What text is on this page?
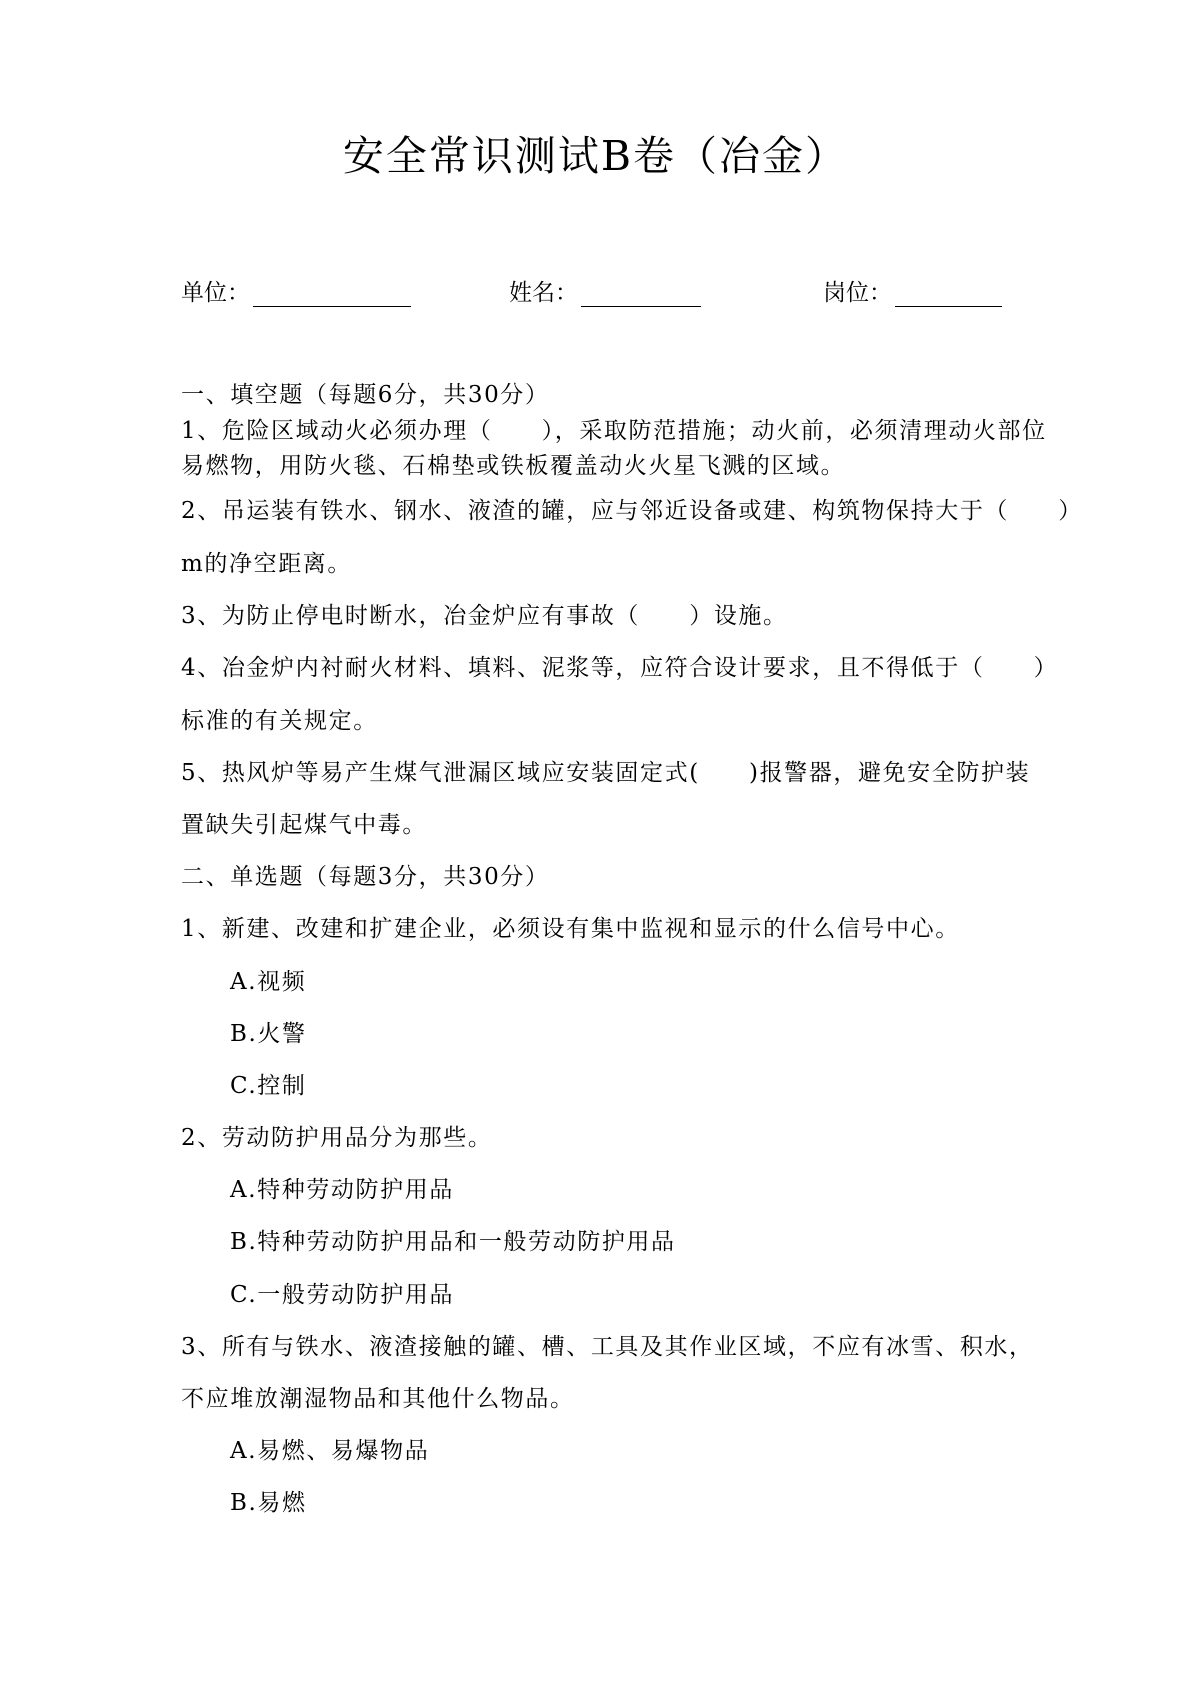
安全常识测试B卷（冶金）
单位：	姓名：	岗位：
一、填空题（每题6分，共30分）
1、危险区域动火必须办理（　　），采取防范措施；动火前，必须清理动火部位
易燃物，用防火毯、石棉垫或铁板覆盖动火火星飞溅的区域。
2、吊运装有铁水、钢水、液渣的罐，应与邻近设备或建、构筑物保持大于（　　）
m的净空距离。
3、为防止停电时断水，冶金炉应有事故（　　）设施。
4、冶金炉内衬耐火材料、填料、泥浆等，应符合设计要求，且不得低于（　　）
标准的有关规定。
5、热风炉等易产生煤气泄漏区域应安装固定式(　　)报警器，避免安全防护装
置缺失引起煤气中毒。
二、单选题（每题3分，共30分）
1、新建、改建和扩建企业，必须设有集中监视和显示的什么信号中心。
A.视频
B.火警
C.控制
2、劳动防护用品分为那些。
A.特种劳动防护用品
B.特种劳动防护用品和一般劳动防护用品
C.一般劳动防护用品
3、所有与铁水、液渣接触的罐、槽、工具及其作业区域，不应有冰雪、积水，
不应堆放潮湿物品和其他什么物品。
A.易燃、易爆物品
B.易燃
